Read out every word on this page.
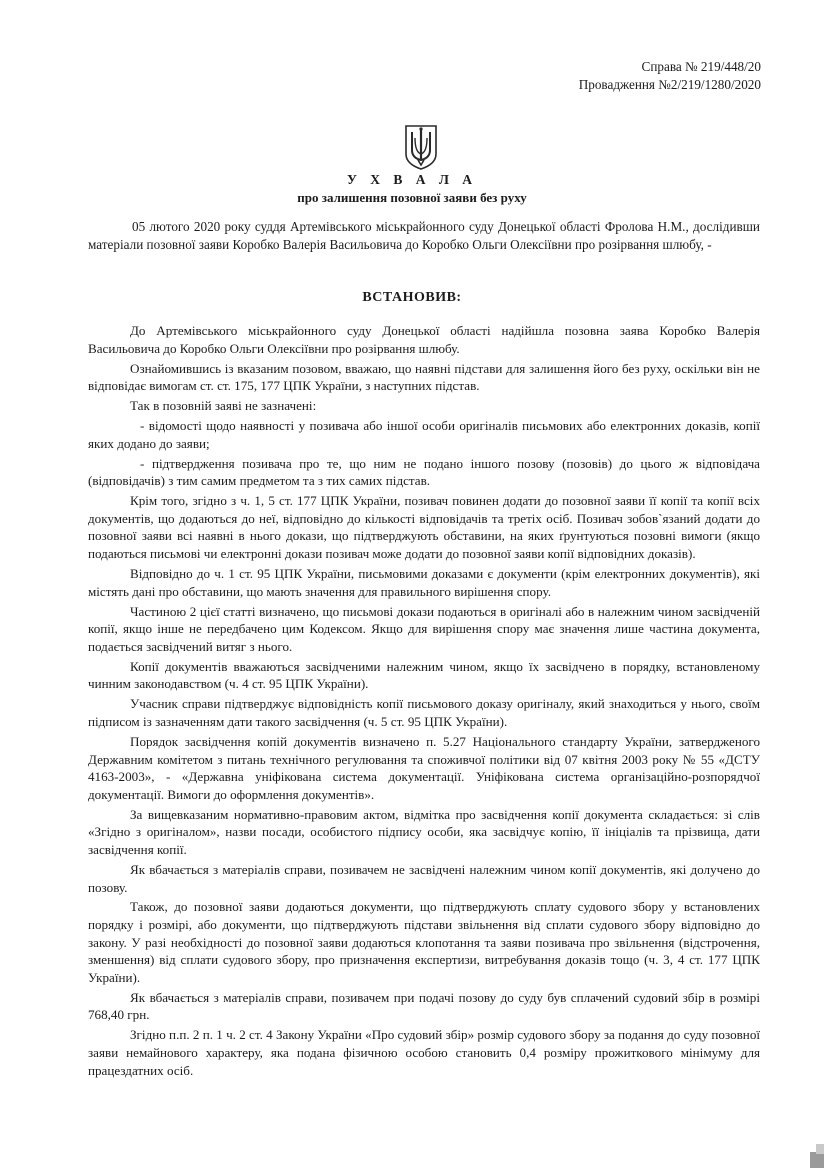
Справа № 219/448/20
Провадження №2/219/1280/2020
У Х В А Л А
про залишення позовної заяви без руху
05 лютого 2020 року суддя Артемівського міськрайонного суду Донецької області Фролова Н.М., дослідивши матеріали позовної заяви Коробко Валерія Васильовича до Коробко Ольги Олексіївни про розірвання шлюбу, -
ВСТАНОВИВ:

До Артемівського міськрайонного суду Донецької області надійшла позовна заява Коробко Валерія Васильовича до Коробко Ольги Олексіївни про розірвання шлюбу.

Ознайомившись із вказаним позовом, вважаю, що наявні підстави для залишення його без руху, оскільки він не відповідає вимогам ст. ст. 175, 177 ЦПК України, з наступних підстав.

Так в позовній заяві не зазначені:

- відомості щодо наявності у позивача або іншої особи оригіналів письмових або електронних доказів, копії яких додано до заяви;

- підтвердження позивача про те, що ним не подано іншого позову (позовів) до цього ж відповідача (відповідачів) з тим самим предметом та з тих самих підстав.

Крім того, згідно з ч. 1, 5 ст. 177 ЦПК України, позивач повинен додати до позовної заяви її копії та копії всіх документів, що додаються до неї, відповідно до кількості відповідачів та третіх осіб. Позивач зобов`язаний додати до позовної заяви всі наявні в нього докази, що підтверджують обставини, на яких ґрунтуються позовні вимоги (якщо подаються письмові чи електронні докази позивач може додати до позовної заяви копії відповідних доказів).

Відповідно до ч. 1 ст. 95 ЦПК України, письмовими доказами є документи (крім електронних документів), які містять дані про обставини, що мають значення для правильного вирішення спору.

Частиною 2 цієї статті визначено, що письмові докази подаються в оригіналі або в належним чином засвідченій копії, якщо інше не передбачено цим Кодексом. Якщо для вирішення спору має значення лише частина документа, подається засвідчений витяг з нього.

Копії документів вважаються засвідченими належним чином, якщо їх засвідчено в порядку, встановленому чинним законодавством (ч. 4 ст. 95 ЦПК України).

Учасник справи підтверджує відповідність копії письмового доказу оригіналу, який знаходиться у нього, своїм підписом із зазначенням дати такого засвідчення (ч. 5 ст. 95 ЦПК України).

Порядок засвідчення копій документів визначено п. 5.27 Національного стандарту України, затвердженого Державним комітетом з питань технічного регулювання та споживчої політики від 07 квітня 2003 року № 55 «ДСТУ 4163-2003», - «Державна уніфікована система документації. Уніфікована система організаційно-розпорядчої документації. Вимоги до оформлення документів».

За вищевказаним нормативно-правовим актом, відмітка про засвідчення копії документа складається: зі слів «Згідно з оригіналом», назви посади, особистого підпису особи, яка засвідчує копію, її ініціалів та прізвища, дати засвідчення копії.

Як вбачається з матеріалів справи, позивачем не засвідчені належним чином копії документів, які долучено до позову.

Також, до позовної заяви додаються документи, що підтверджують сплату судового збору у встановлених порядку і розмірі, або документи, що підтверджують підстави звільнення від сплати судового збору відповідно до закону. У разі необхідності до позовної заяви додаються клопотання та заяви позивача про звільнення (відстрочення, зменшення) від сплати судового збору, про призначення експертизи, витребування доказів тощо (ч. 3, 4 ст. 177 ЦПК України).

Як вбачається з матеріалів справи, позивачем при подачі позову до суду був сплачений судовий збір в розмірі 768,40 грн.

Згідно п.п. 2 п. 1 ч. 2 ст. 4 Закону України «Про судовий збір» розмір судового збору за подання до суду позовної заяви немайнового характеру, яка подана фізичною особою становить 0,4 розміру прожиткового мінімуму для працездатних осіб.
